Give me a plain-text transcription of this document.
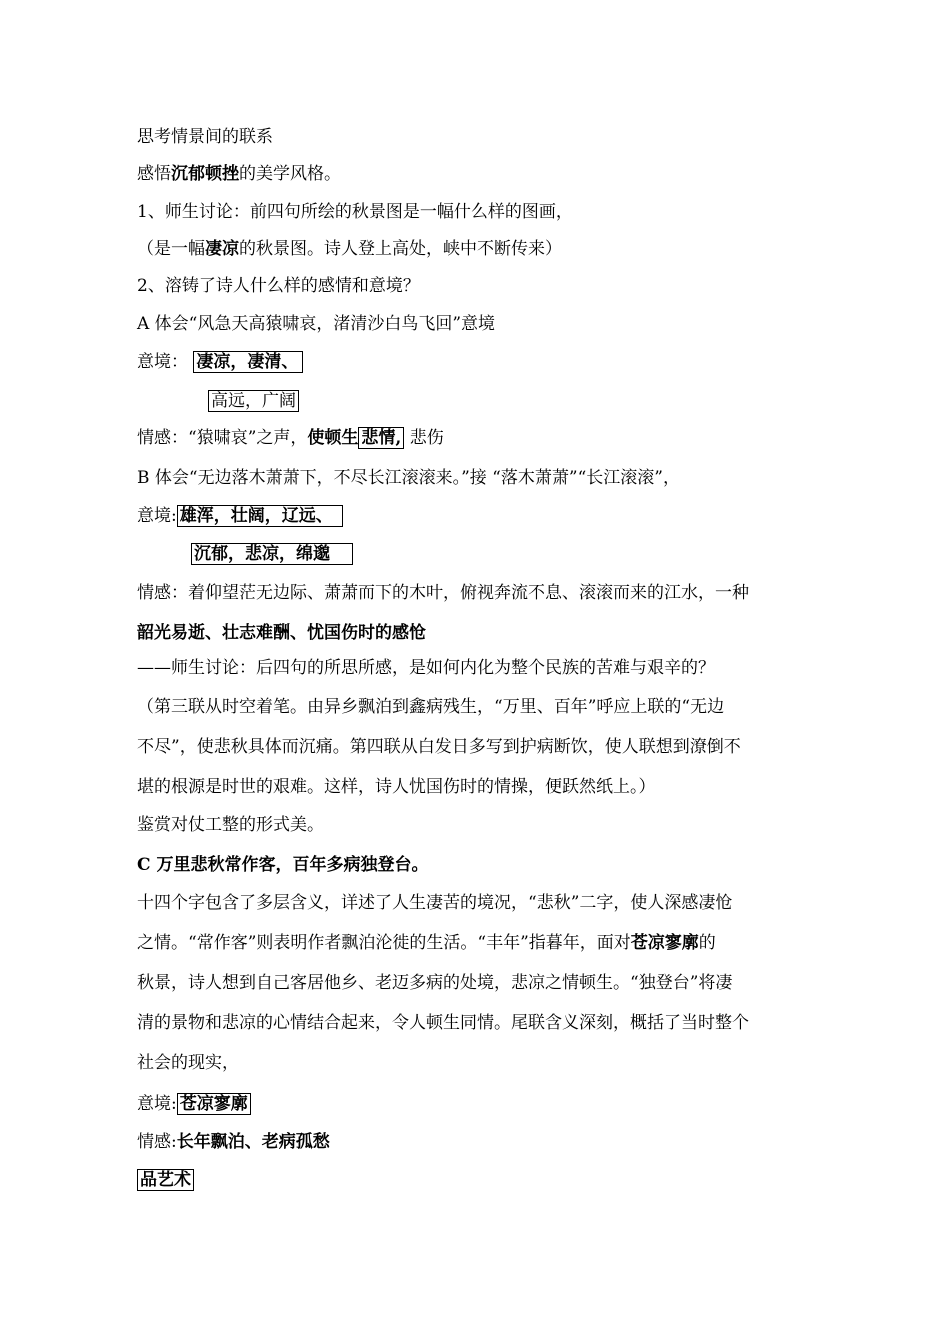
思考情景间的联系
感悟沉郁顿挫的美学风格。
1、师生讨论：前四句所绘的秋景图是一幅什么样的图画，
（是一幅凄凉的秋景图。诗人登上高处，峡中不断传来）
2、溶铸了诗人什么样的感情和意境？
A 体会“风急天高猿啸哀，渚清沙白鸟飞回”意境
意境： 凄凉，凄清、
高远，广阔
情感：“猿啸哀”之声，使顿生 悲情, 悲伤
B 体会“无边落木萧萧下，不尽长江滚滚来。”接 “落木萧萧”“长江滚滚”，
意境: 雄浑，壮阔，辽远、
沉郁，悲凉，绵邈
情感：着仰望茫无边际、萧萧而下的木叶，俯视奔流不息、滚滚而来的江水，一种
韶光易逝、壮志难酬、忧国伤时的感怆
——师生讨论：后四句的所思所感，是如何内化为整个民族的苦难与艰辛的？
（第三联从时空着笔。由异乡飘泊到鑫病残生，“万里、百年”呼应上联的“无边
不尽”，使悲秋具体而沉痛。第四联从白发日多写到护病断饮，使人联想到潦倒不
堪的根源是时世的艰难。这样，诗人忧国伤时的情操，便跃然纸上。）
鉴赏对仗工整的形式美。
C 万里悲秋常作客，百年多病独登台。
十四个字包含了多层含义，详述了人生凄苦的境况，“悲秋”二字，使人深感凄怆
之情。“常作客”则表明作者飘泊沦徙的生活。“丰年”指暮年，面对苍凉寥廓的
秋景，诗人想到自己客居他乡、老迈多病的处境，悲凉之情顿生。“独登台”将凄
清的景物和悲凉的心情结合起来，令人顿生同情。尾联含义深刻，概括了当时整个
社会的现实，
意境: 苍凉寥廓
情感:长年飘泊、老病孤愁
品艺术
